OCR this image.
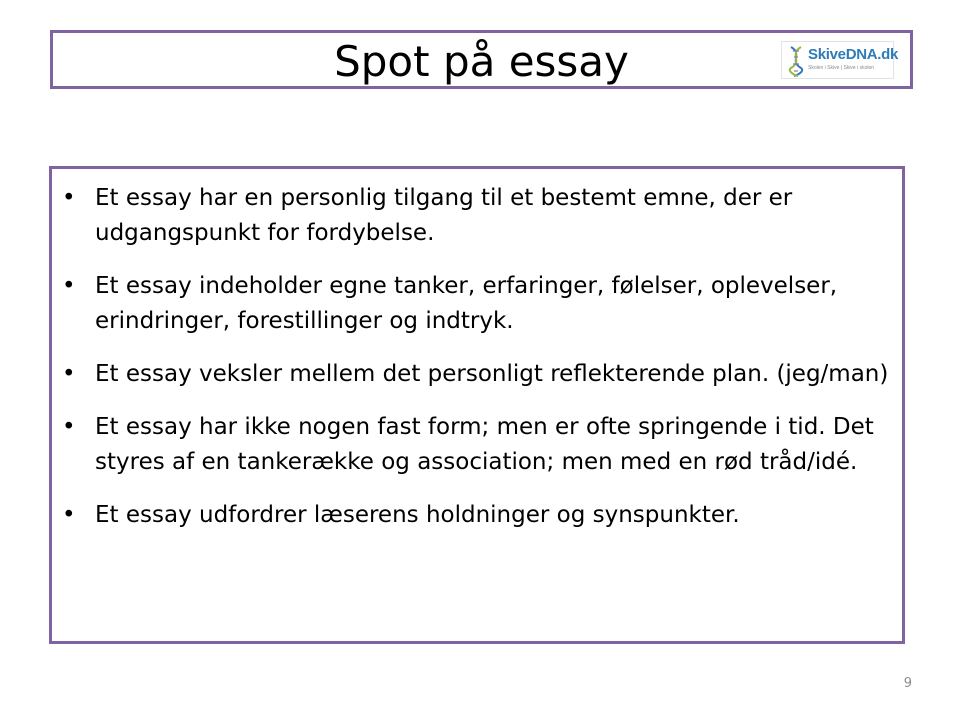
Spot på essay	SkiveDNA.dk
Skolen i Skive | Skive i skolen
• Et essay har en personlig tilgang til et bestemt emne, der er udgangspunkt for fordybelse.
• Et essay indeholder egne tanker, erfaringer, følelser, oplevelser, erindringer, forestillinger og indtryk.
• Et essay veksler mellem det personligt reflekterende plan. (jeg/man)
• Et essay har ikke nogen fast form; men er ofte springende i tid. Det styres af en tankerække og association; men med en rød tråd/idé.
• Et essay udfordrer læserens holdninger og synspunkter.
9
